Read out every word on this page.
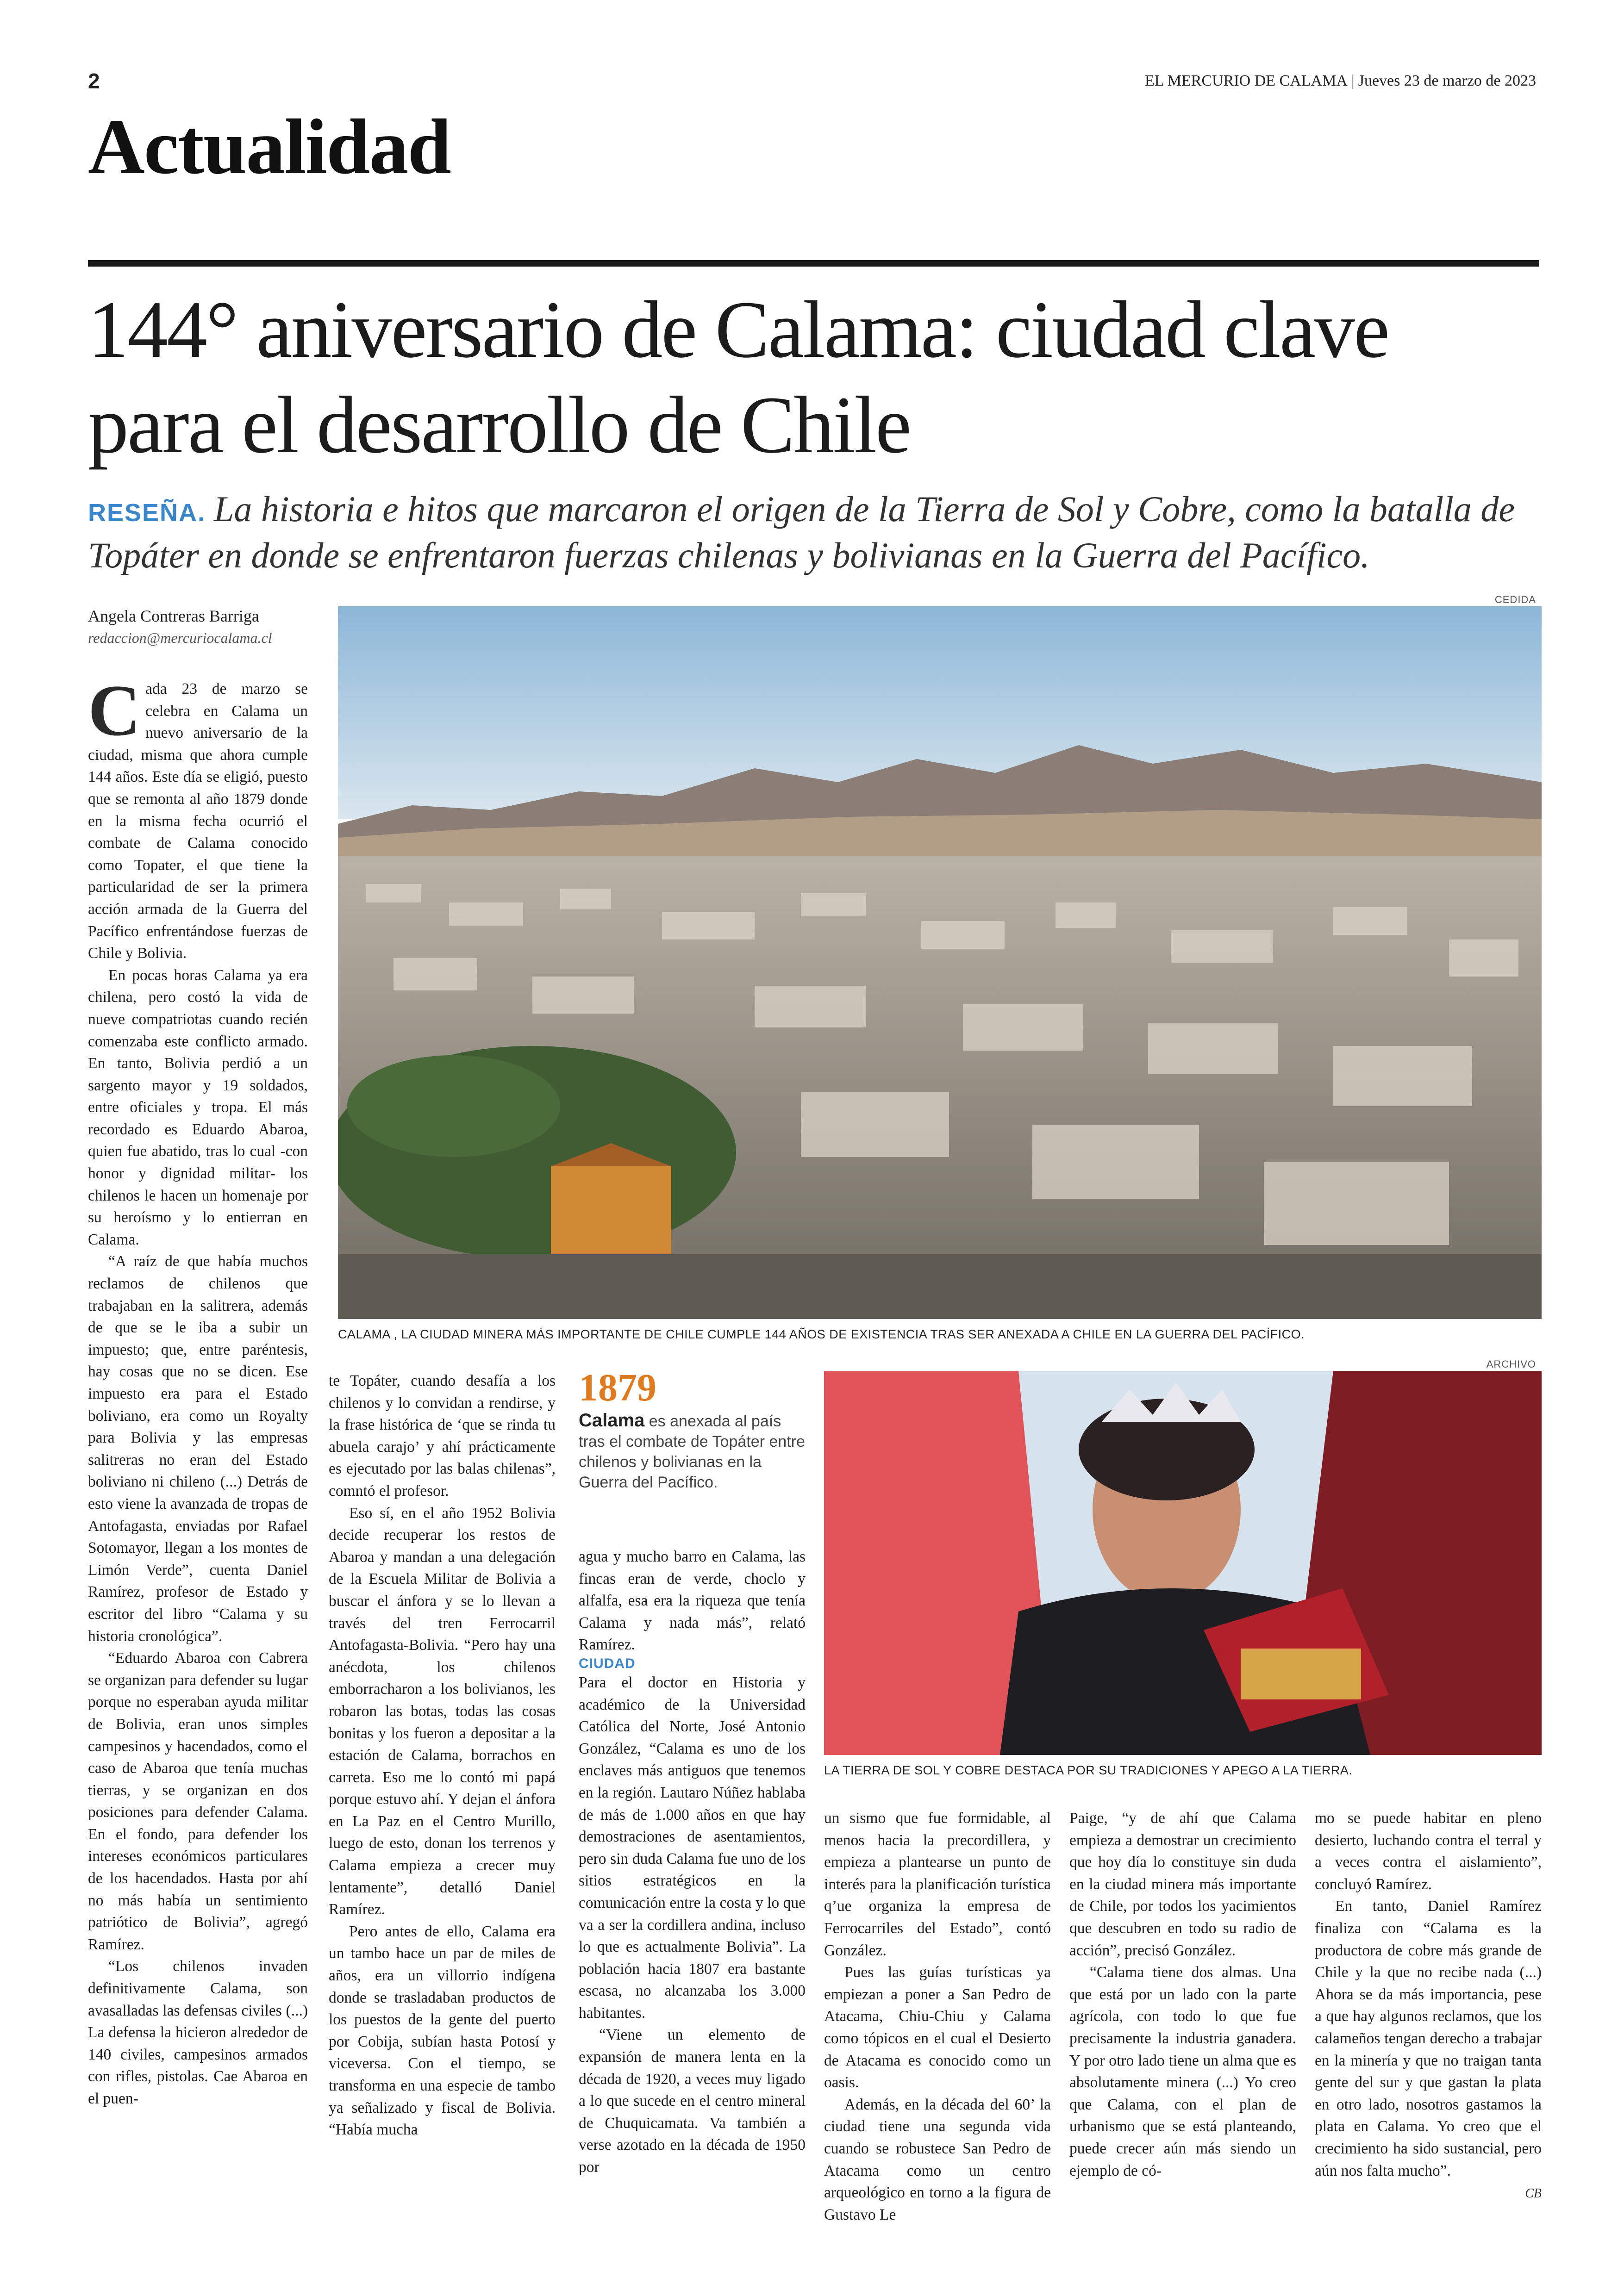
2	EL MERCURIO DE CALAMA | Jueves 23 de marzo de 2023
Actualidad
144° aniversario de Calama: ciudad clave para el desarrollo de Chile
RESEÑA. La historia e hitos que marcaron el origen de la Tierra de Sol y Cobre, como la batalla de Topáter en donde se enfrentaron fuerzas chilenas y bolivianas en la Guerra del Pacífico.
Angela Contreras Barriga
redaccion@mercuriocalama.cl
CEDIDA
CALAMA , LA CIUDAD MINERA MÁS IMPORTANTE DE CHILE CUMPLE 144 AÑOS DE EXISTENCIA TRAS SER ANEXADA A CHILE EN LA GUERRA DEL PACÍFICO.
ARCHIVO
LA TIERRA DE SOL Y COBRE DESTACA POR SU TRADICIONES Y APEGO A LA TIERRA.
1879
Calama es anexada al país tras el combate de Topáter entre chilenos y bolivianas en la Guerra del Pacífico.

Cada 23 de marzo se celebra en Calama un nuevo aniversario de la ciudad, misma que ahora cumple 144 años. Este día se eligió, puesto que se remonta al año 1879 donde en la misma fecha ocurrió el combate de Calama conocido como Topater, el que tiene la particularidad de ser la primera acción armada de la Guerra del Pacífico enfrentándose fuerzas de Chile y Bolivia.

En pocas horas Calama ya era chilena, pero costó la vida de nueve compatriotas cuando recién comenzaba este conflicto armado. En tanto, Bolivia perdió a un sargento mayor y 19 soldados, entre oficiales y tropa. El más recordado es Eduardo Abaroa, quien fue abatido, tras lo cual -con honor y dignidad militar- los chilenos le hacen un homenaje por su heroísmo y lo entierran en Calama.

“A raíz de que había muchos reclamos de chilenos que trabajaban en la salitrera, además de que se le iba a subir un impuesto; que, entre paréntesis, hay cosas que no se dicen. Ese impuesto era para el Estado boliviano, era como un Royalty para Bolivia y las empresas salitreras no eran del Estado boliviano ni chileno (...) Detrás de esto viene la avanzada de tropas de Antofagasta, enviadas por Rafael Sotomayor, llegan a los montes de Limón Verde”, cuenta Daniel Ramírez, profesor de Estado y escritor del libro “Calama y su historia cronológica”.

“Eduardo Abaroa con Cabrera se organizan para defender su lugar porque no esperaban ayuda militar de Bolivia, eran unos simples campesinos y hacendados, como el caso de Abaroa que tenía muchas tierras, y se organizan en dos posiciones para defender Calama. En el fondo, para defender los intereses económicos particulares de los hacendados. Hasta por ahí no más había un sentimiento patriótico de Bolivia”, agregó Ramírez.

“Los chilenos invaden definitivamente Calama, son avasalladas las defensas civiles (...) La defensa la hicieron alrededor de 140 civiles, campesinos armados con rifles, pistolas. Cae Abaroa en el puen-

te Topáter, cuando desafía a los chilenos y lo convidan a rendirse, y la frase histórica de ‘que se rinda tu abuela carajo’ y ahí prácticamente es ejecutado por las balas chilenas”, comntó el profesor.

Eso sí, en el año 1952 Bolivia decide recuperar los restos de Abaroa y mandan a una delegación de la Escuela Militar de Bolivia a buscar el ánfora y se lo llevan a través del tren Ferrocarril Antofagasta-Bolivia. “Pero hay una anécdota, los chilenos emborracharon a los bolivianos, les robaron las botas, todas las cosas bonitas y los fueron a depositar a la estación de Calama, borrachos en carreta. Eso me lo contó mi papá porque estuvo ahí. Y dejan el ánfora en La Paz en el Centro Murillo, luego de esto, donan los terrenos y Calama empieza a crecer muy lentamente”, detalló Daniel Ramírez.

Pero antes de ello, Calama era un tambo hace un par de miles de años, era un villorrio indígena donde se trasladaban productos de los puestos de la gente del puerto por Cobija, subían hasta Potosí y viceversa. Con el tiempo, se transforma en una especie de tambo ya señalizado y fiscal de Bolivia. “Había mucha

agua y mucho barro en Calama, las fincas eran de verde, choclo y alfalfa, esa era la riqueza que tenía Calama y nada más”, relató Ramírez.

CIUDAD

Para el doctor en Historia y académico de la Universidad Católica del Norte, José Antonio González, “Calama es uno de los enclaves más antiguos que tenemos en la región. Lautaro Núñez hablaba de más de 1.000 años en que hay demostraciones de asentamientos, pero sin duda Calama fue uno de los sitios estratégicos en la comunicación entre la costa y lo que va a ser la cordillera andina, incluso lo que es actualmente Bolivia”. La población hacia 1807 era bastante escasa, no alcanzaba los 3.000 habitantes.

“Viene un elemento de expansión de manera lenta en la década de 1920, a veces muy ligado a lo que sucede en el centro mineral de Chuquicamata. Va también a verse azotado en la década de 1950 por

un sismo que fue formidable, al menos hacia la precordillera, y empieza a plantearse un punto de interés para la planificación turística q’ue organiza la empresa de Ferrocarriles del Estado”, contó González.

Pues las guías turísticas ya empiezan a poner a San Pedro de Atacama, Chiu-Chiu y Calama como tópicos en el cual el Desierto de Atacama es conocido como un oasis.

Además, en la década del 60’ la ciudad tiene una segunda vida cuando se robustece San Pedro de Atacama como un centro arqueológico en torno a la figura de Gustavo Le

Paige, “y de ahí que Calama empieza a demostrar un crecimiento que hoy día lo constituye sin duda en la ciudad minera más importante de Chile, por todos los yacimientos que descubren en todo su radio de acción”, precisó González.

“Calama tiene dos almas. Una que está por un lado con la parte agrícola, con todo lo que fue precisamente la industria ganadera. Y por otro lado tiene un alma que es absolutamente minera (...) Yo creo que Calama, con el plan de urbanismo que se está planteando, puede crecer aún más siendo un ejemplo de có-

mo se puede habitar en pleno desierto, luchando contra el terral y a veces contra el aislamiento”, concluyó Ramírez.

En tanto, Daniel Ramírez finaliza con “Calama es la productora de cobre más grande de Chile y la que no recibe nada (...) Ahora se da más importancia, pese a que hay algunos reclamos, que los calameños tengan derecho a trabajar en la minería y que no traigan tanta gente del sur y que gastan la plata en otro lado, nosotros gastamos la plata en Calama. Yo creo que el crecimiento ha sido sustancial, pero aún nos falta mucho”.

CB
